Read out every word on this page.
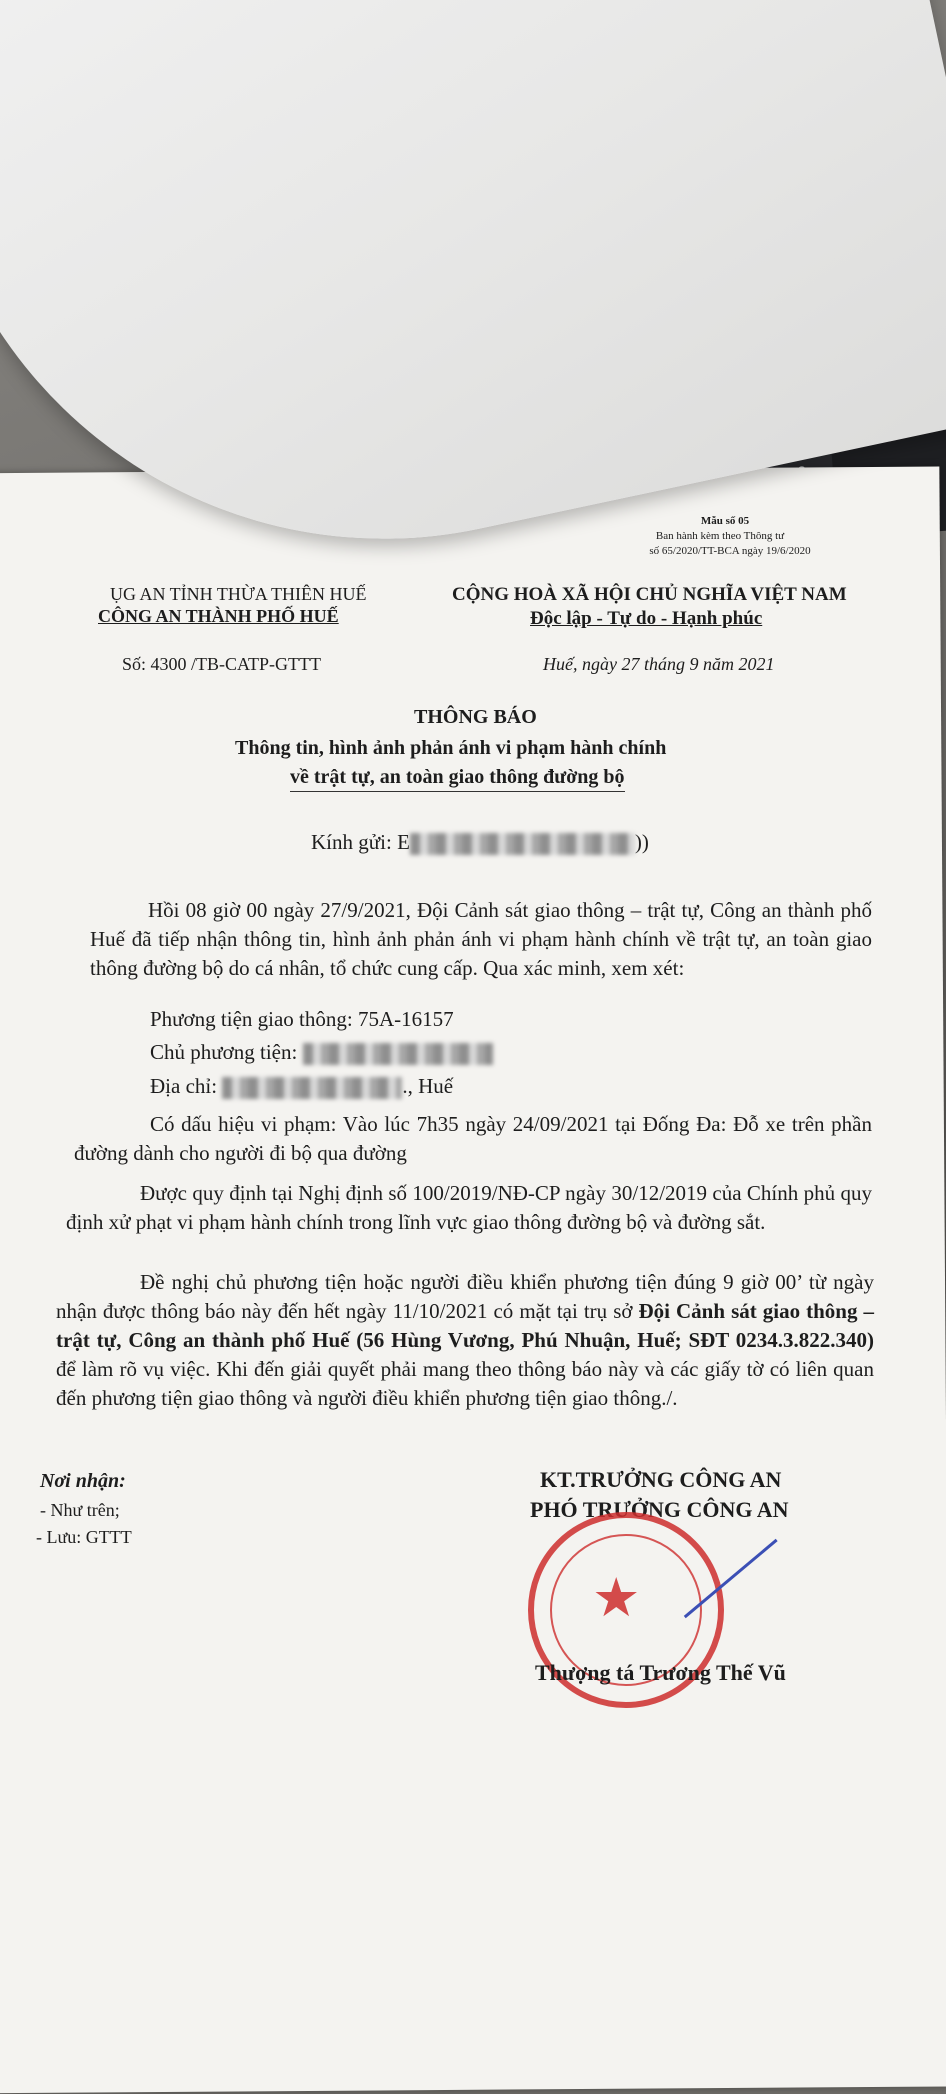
Mẫu số 05
Ban hành kèm theo Thông tư
số 65/2020/TT-BCA ngày 19/6/2020
ỤG AN TỈNH THỪA THIÊN HUẾ
CÔNG AN THÀNH PHỐ HUẾ
CỘNG HOÀ XÃ HỘI CHỦ NGHĨA VIỆT NAM
Độc lập - Tự do - Hạnh phúc
Số: 4300 /TB-CATP-GTTT	Huế, ngày 27 tháng 9 năm 2021
THÔNG BÁO
Thông tin, hình ảnh phản ánh vi phạm hành chính
về trật tự, an toàn giao thông đường bộ
Kính gửi: E	))
Hồi 08 giờ 00 ngày 27/9/2021, Đội Cảnh sát giao thông – trật tự, Công an thành phố Huế đã tiếp nhận thông tin, hình ảnh phản ánh vi phạm hành chính về trật tự, an toàn giao thông đường bộ do cá nhân, tổ chức cung cấp. Qua xác minh, xem xét:
Phương tiện giao thông: 75A-16157
Chủ phương tiện:
Địa chỉ:	., Huế
Có dấu hiệu vi phạm: Vào lúc 7h35 ngày 24/09/2021 tại Đống Đa: Đỗ xe trên phần đường dành cho người đi bộ qua đường
Được quy định tại Nghị định số 100/2019/NĐ-CP ngày 30/12/2019 của Chính phủ quy định xử phạt vi phạm hành chính trong lĩnh vực giao thông đường bộ và đường sắt.
Đề nghị chủ phương tiện hoặc người điều khiển phương tiện đúng 9 giờ 00’ từ ngày nhận được thông báo này đến hết ngày 11/10/2021 có mặt tại trụ sở Đội Cảnh sát giao thông – trật tự, Công an thành phố Huế (56 Hùng Vương, Phú Nhuận, Huế; SĐT 0234.3.822.340) để làm rõ vụ việc. Khi đến giải quyết phải mang theo thông báo này và các giấy tờ có liên quan đến phương tiện giao thông và người điều khiển phương tiện giao thông./.
Nơi nhận:
- Như trên;
- Lưu: GTTT
KT.TRƯỞNG CÔNG AN
PHÓ TRƯỞNG CÔNG AN
★
Thượng tá Trương Thế Vũ
